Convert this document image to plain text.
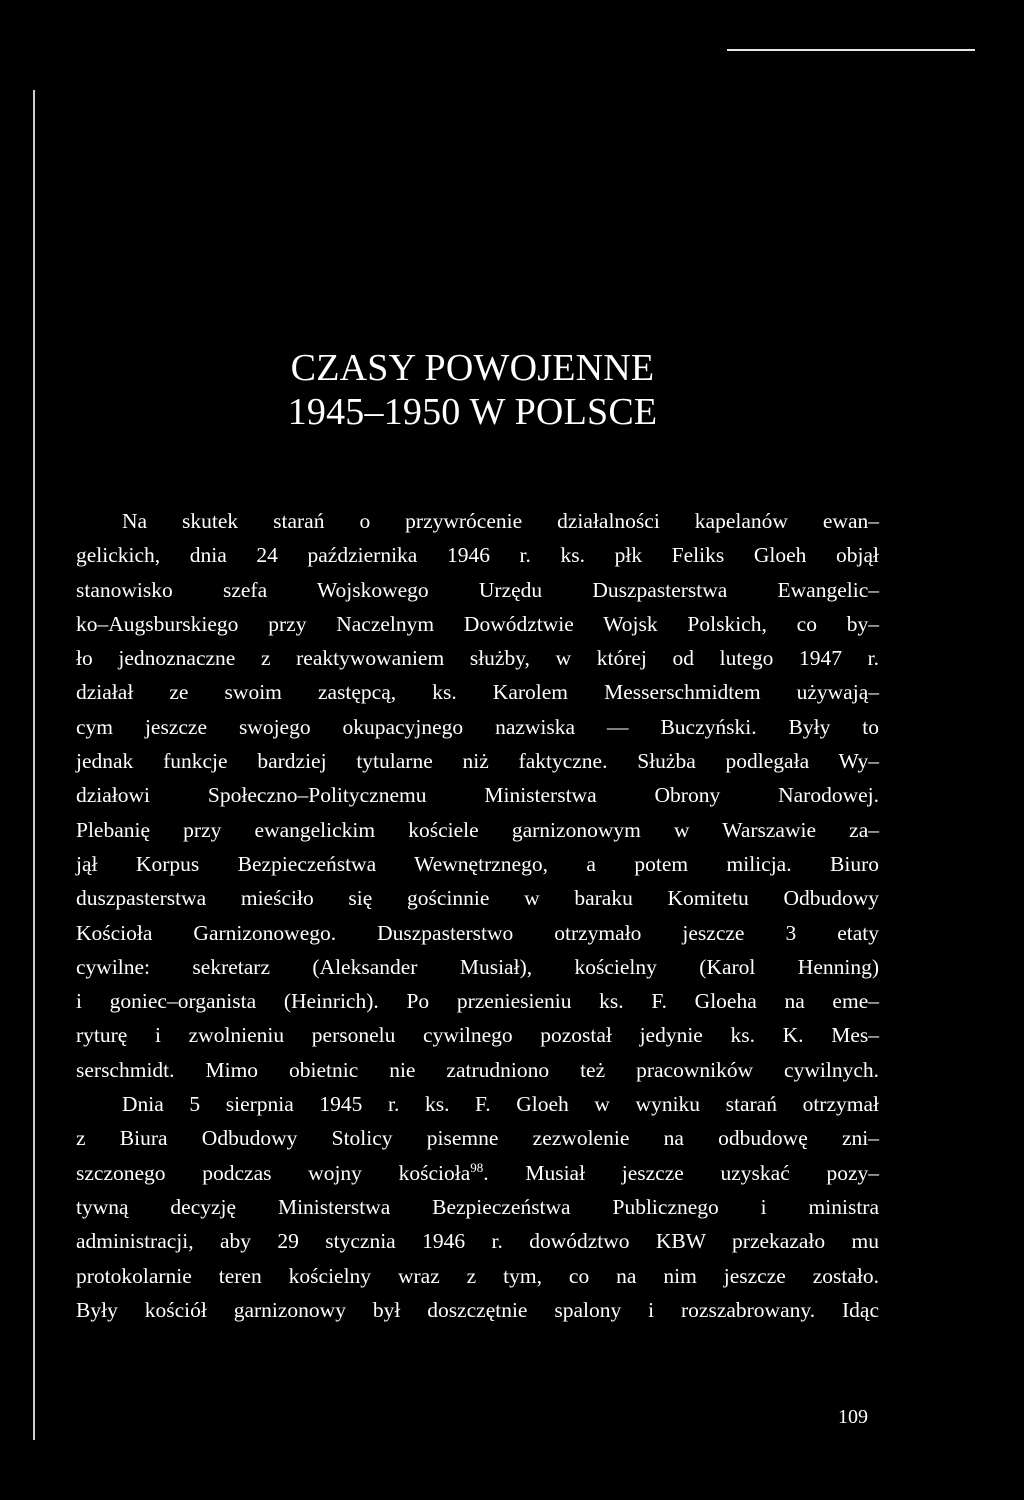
CZASY POWOJENNE
1945–1950 W POLSCE
Na skutek starań o przywrócenie działalności kapelanów ewan–
gelickich, dnia 24 października 1946 r. ks. płk Feliks Gloeh objął
stanowisko szefa Wojskowego Urzędu Duszpasterstwa Ewangelic–
ko–Augsburskiego przy Naczelnym Dowództwie Wojsk Polskich, co by–
ło jednoznaczne z reaktywowaniem służby, w której od lutego 1947 r.
działał ze swoim zastępcą, ks. Karolem Messerschmidtem używają–
cym jeszcze swojego okupacyjnego nazwiska — Buczyński. Były to
jednak funkcje bardziej tytularne niż faktyczne. Służba podlegała Wy–
działowi Społeczno–Politycznemu Ministerstwa Obrony Narodowej.
Plebanię przy ewangelickim kościele garnizonowym w Warszawie za–
jął Korpus Bezpieczeństwa Wewnętrznego, a potem milicja. Biuro
duszpasterstwa mieściło się gościnnie w baraku Komitetu Odbudowy
Kościoła Garnizonowego. Duszpasterstwo otrzymało jeszcze 3 etaty
cywilne: sekretarz (Aleksander Musiał), kościelny (Karol Henning)
i goniec–organista (Heinrich). Po przeniesieniu ks. F. Gloeha na eme–
ryturę i zwolnieniu personelu cywilnego pozostał jedynie ks. K. Mes–
serschmidt. Mimo obietnic nie zatrudniono też pracowników cywilnych.
Dnia 5 sierpnia 1945 r. ks. F. Gloeh w wyniku starań otrzymał
z Biura Odbudowy Stolicy pisemne zezwolenie na odbudowę zni–
szczonego podczas wojny kościoła$^{98}$. Musiał jeszcze uzyskać pozy–
tywną decyzję Ministerstwa Bezpieczeństwa Publicznego i ministra
administracji, aby 29 stycznia 1946 r. dowództwo KBW przekazało mu
protokolarnie teren kościelny wraz z tym, co na nim jeszcze zostało.
Były kościół garnizonowy był doszczętnie spalony i rozszabrowany. Idąc
109
